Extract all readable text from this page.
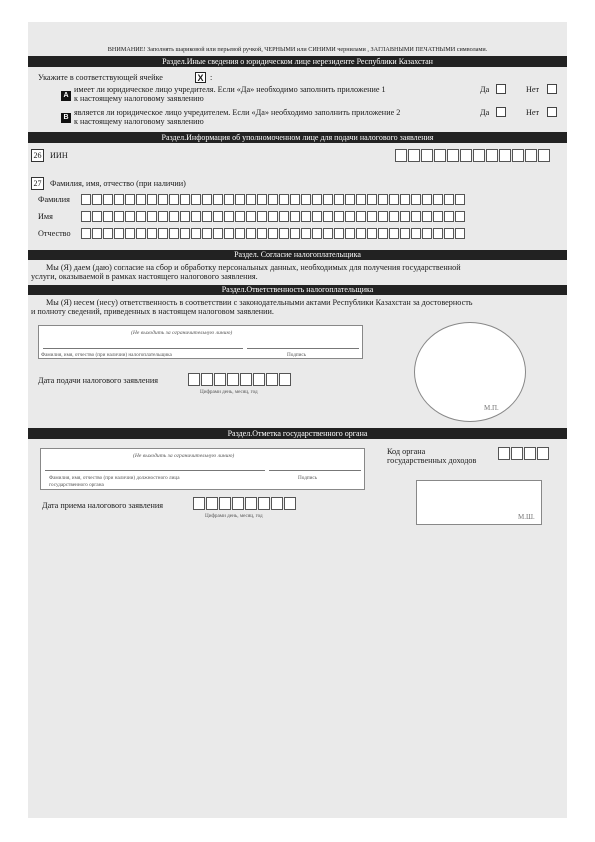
ВНИМАНИЕ! Заполнять шариковой или перьевой ручкой, ЧЕРНЫМИ или СИНИМИ чернилами , ЗАГЛАВНЫМИ ПЕЧАТНЫМИ символами.
Раздел.Иные сведения о юридическом лице нерезиденте Республики Казахстан
Укажите в соответствующей ячейке	X :
A
имеет ли юридическое лицо учредителя. Если «Да» необходимо заполнить приложение 1
к настоящему налоговому заявлению
Да	Нет
B
является ли юридическое лицо учредителем. Если «Да» необходимо заполнить приложение 2
к настоящему налоговому заявлению
Да	Нет
Раздел.Информация об уполномоченном лице для подачи налогового заявления
26	ИИН
27	Фамилия, имя, отчество (при наличии)
Фамилия
Имя
Отчество
Раздел. Согласие налогоплательщика
Мы (Я) даем (даю) согласие на сбор и обработку персональных данных, необходимых для получения государственной
услуги, оказываемой в рамках настоящего налогового заявления.
Раздел.Ответственность налогоплательщика
Мы (Я) несем (несу) ответственность в соответствии с законодательными актами Республики Казахстан за достоверность
и полноту сведений, приведенных в настоящем налоговом заявлении.
(Не выходить за ограничительную линию)
Фамилия, имя, отчество (при наличии) налогоплательщика	Подпись
М.П.
Дата подачи налогового заявления
Цифрами день, месяц, год
Раздел.Отметка государственного органа
(Не выходить за ограничительную линию)
Фамилия, имя, отчество (при наличии) должностного лица
государственного органа
Подпись
Код органа
государственных доходов
М.Ш.
Дата приема налогового заявления
Цифрами день, месяц, год
